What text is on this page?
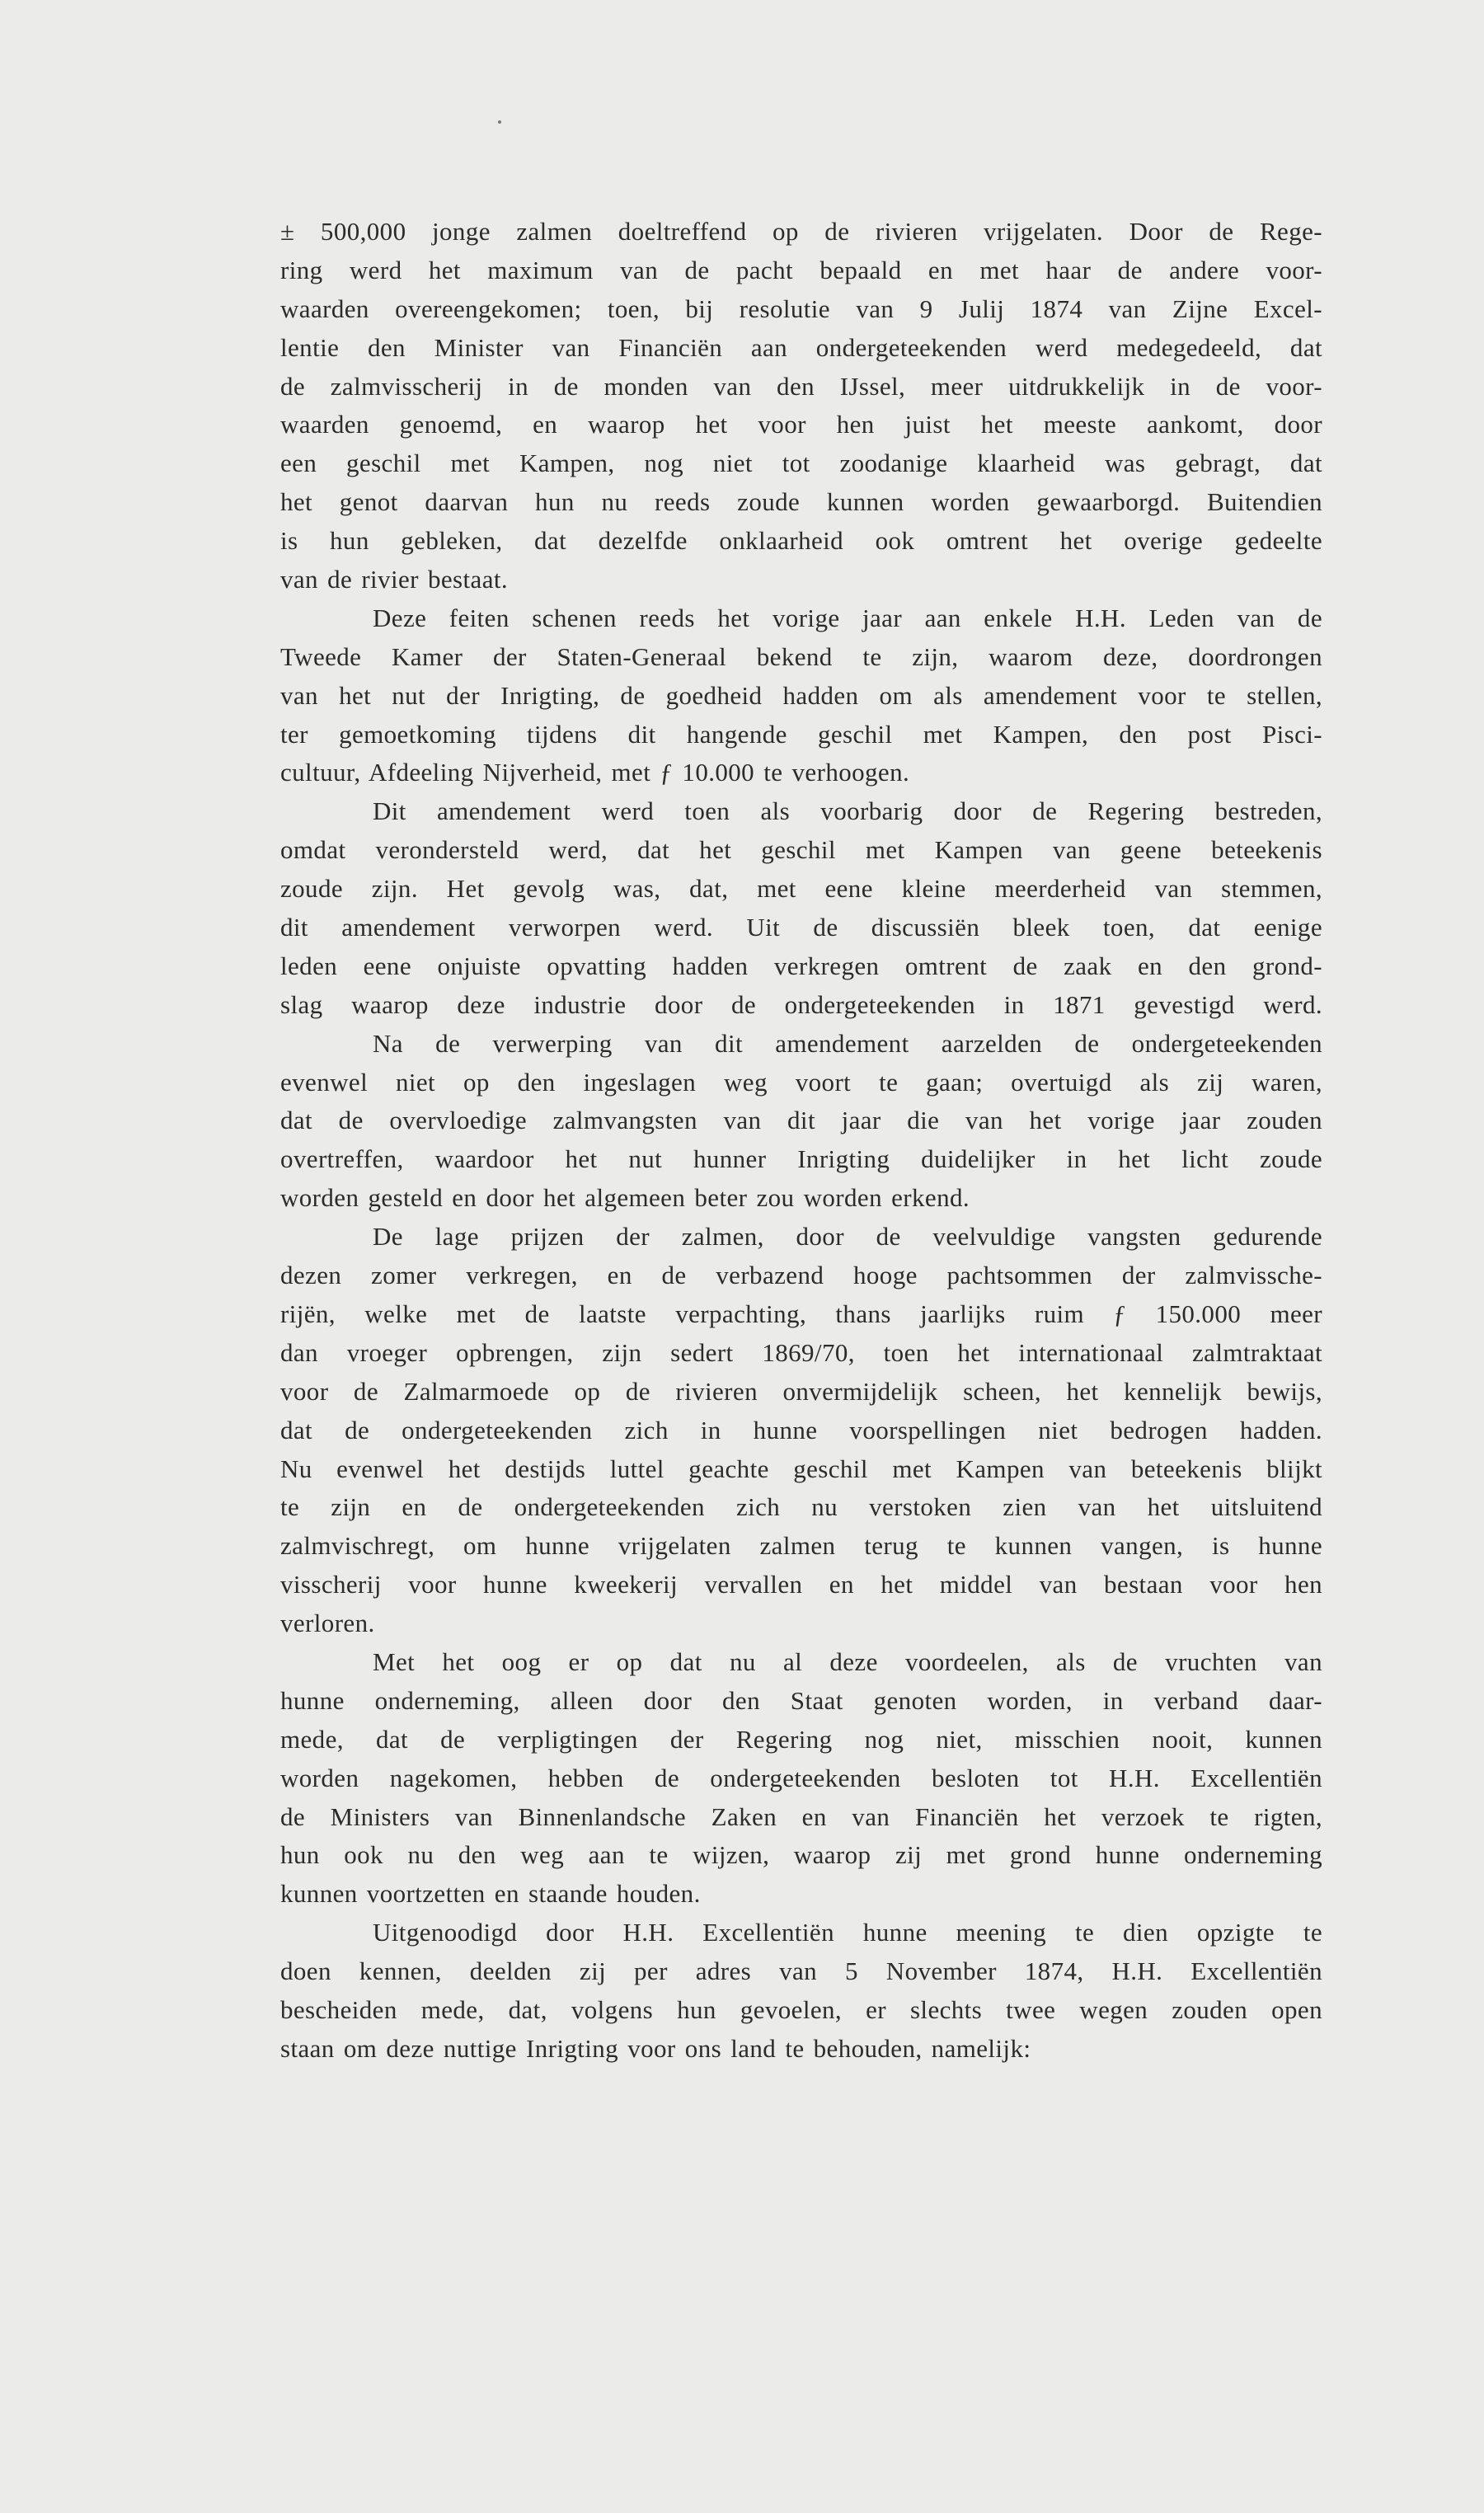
± 500,000 jonge zalmen doeltreffend op de rivieren vrijgelaten. Door de Rege-
ring werd het maximum van de pacht bepaald en met haar de andere voor-
waarden overeengekomen; toen, bij resolutie van 9 Julij 1874 van Zijne Excel-
lentie den Minister van Financiën aan ondergeteekenden werd medegedeeld, dat
de zalmvisscherij in de monden van den IJssel, meer uitdrukkelijk in de voor-
waarden genoemd, en waarop het voor hen juist het meeste aankomt, door
een geschil met Kampen, nog niet tot zoodanige klaarheid was gebragt, dat
het genot daarvan hun nu reeds zoude kunnen worden gewaarborgd. Buitendien
is hun gebleken, dat dezelfde onklaarheid ook omtrent het overige gedeelte
van de rivier bestaat.
Deze feiten schenen reeds het vorige jaar aan enkele H.H. Leden van de
Tweede Kamer der Staten-Generaal bekend te zijn, waarom deze, doordrongen
van het nut der Inrigting, de goedheid hadden om als amendement voor te stellen,
ter gemoetkoming tijdens dit hangende geschil met Kampen, den post Pisci-
cultuur, Afdeeling Nijverheid, met ƒ 10.000 te verhoogen.
Dit amendement werd toen als voorbarig door de Regering bestreden,
omdat verondersteld werd, dat het geschil met Kampen van geene beteekenis
zoude zijn. Het gevolg was, dat, met eene kleine meerderheid van stemmen,
dit amendement verworpen werd. Uit de discussiën bleek toen, dat eenige
leden eene onjuiste opvatting hadden verkregen omtrent de zaak en den grond-
slag waarop deze industrie door de ondergeteekenden in 1871 gevestigd werd.
Na de verwerping van dit amendement aarzelden de ondergeteekenden
evenwel niet op den ingeslagen weg voort te gaan; overtuigd als zij waren,
dat de overvloedige zalmvangsten van dit jaar die van het vorige jaar zouden
overtreffen, waardoor het nut hunner Inrigting duidelijker in het licht zoude
worden gesteld en door het algemeen beter zou worden erkend.
De lage prijzen der zalmen, door de veelvuldige vangsten gedurende
dezen zomer verkregen, en de verbazend hooge pachtsommen der zalmvissche-
rijën, welke met de laatste verpachting, thans jaarlijks ruim ƒ 150.000 meer
dan vroeger opbrengen, zijn sedert 1869/70, toen het internationaal zalmtraktaat
voor de Zalmarmoede op de rivieren onvermijdelijk scheen, het kennelijk bewijs,
dat de ondergeteekenden zich in hunne voorspellingen niet bedrogen hadden.
Nu evenwel het destijds luttel geachte geschil met Kampen van beteekenis blijkt
te zijn en de ondergeteekenden zich nu verstoken zien van het uitsluitend
zalmvischregt, om hunne vrijgelaten zalmen terug te kunnen vangen, is hunne
visscherij voor hunne kweekerij vervallen en het middel van bestaan voor hen
verloren.
Met het oog er op dat nu al deze voordeelen, als de vruchten van
hunne onderneming, alleen door den Staat genoten worden, in verband daar-
mede, dat de verpligtingen der Regering nog niet, misschien nooit, kunnen
worden nagekomen, hebben de ondergeteekenden besloten tot H.H. Excellentiën
de Ministers van Binnenlandsche Zaken en van Financiën het verzoek te rigten,
hun ook nu den weg aan te wijzen, waarop zij met grond hunne onderneming
kunnen voortzetten en staande houden.
Uitgenoodigd door H.H. Excellentiën hunne meening te dien opzigte te
doen kennen, deelden zij per adres van 5 November 1874, H.H. Excellentiën
bescheiden mede, dat, volgens hun gevoelen, er slechts twee wegen zouden open
staan om deze nuttige Inrigting voor ons land te behouden, namelijk:
